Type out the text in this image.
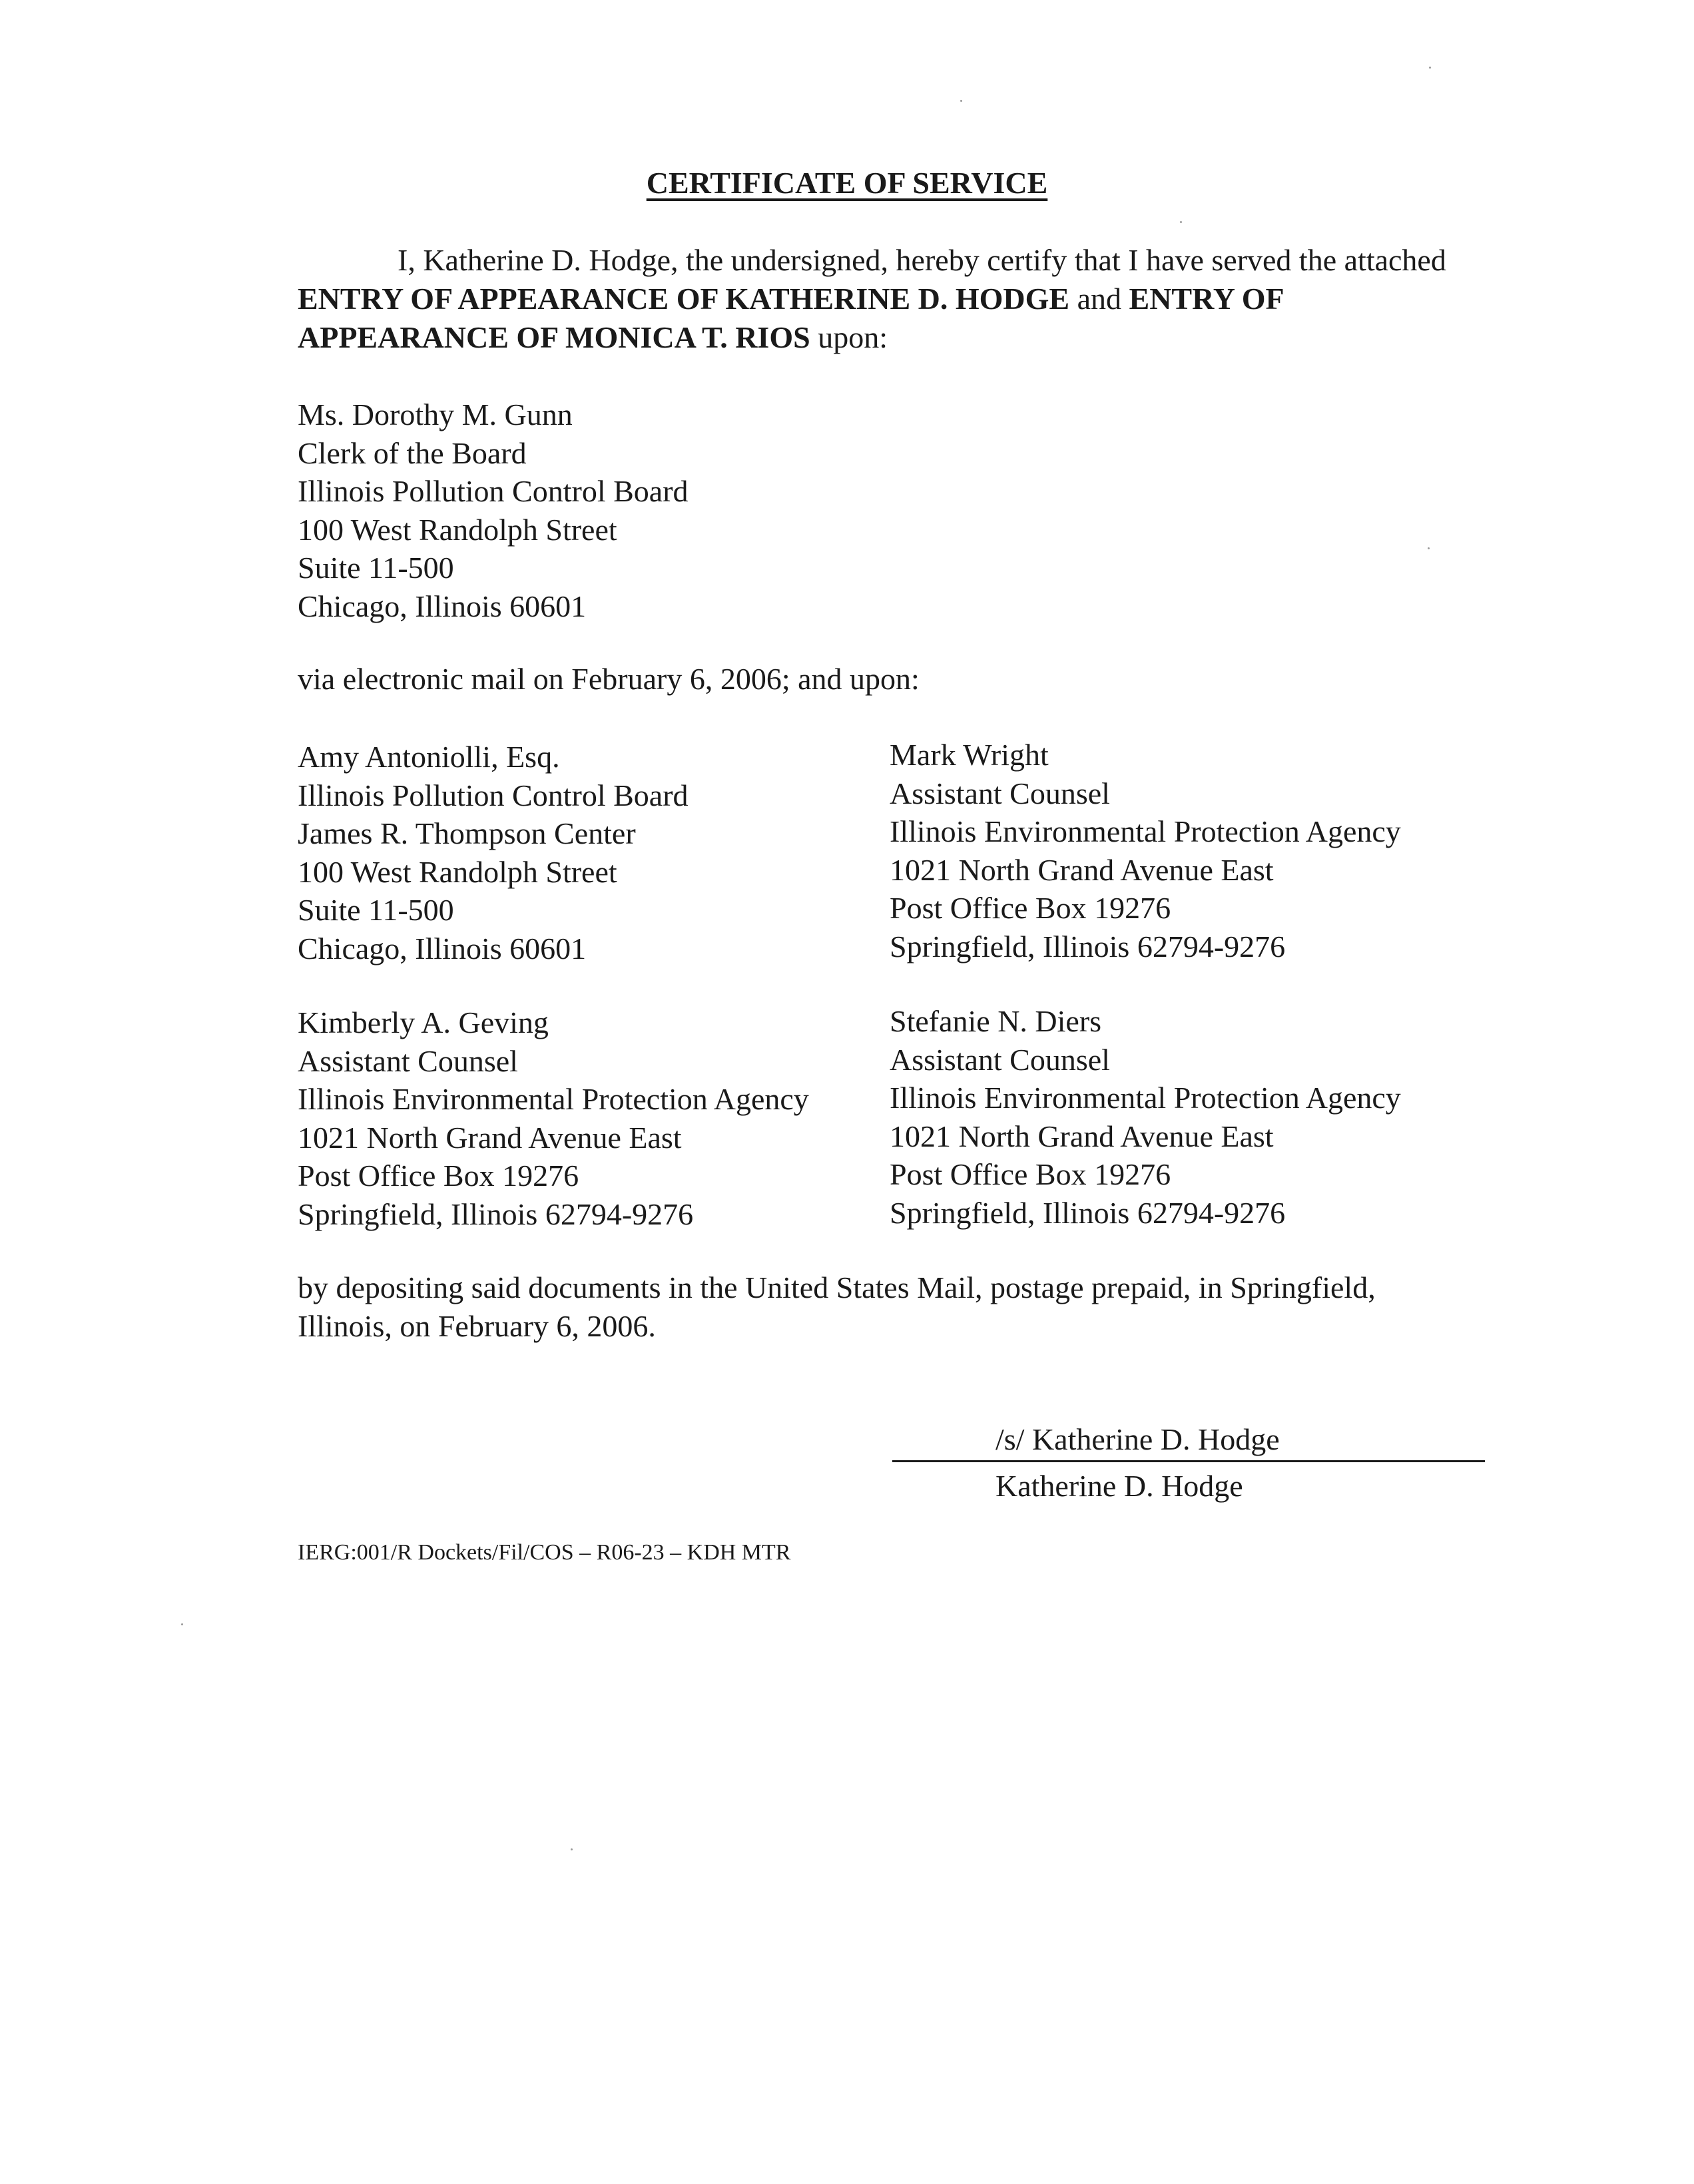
CERTIFICATE OF SERVICE
I, Katherine D. Hodge, the undersigned, hereby certify that I have served the attached ENTRY OF APPEARANCE OF KATHERINE D. HODGE and ENTRY OF APPEARANCE OF MONICA T. RIOS upon:
Ms. Dorothy M. Gunn
Clerk of the Board
Illinois Pollution Control Board
100 West Randolph Street
Suite 11-500
Chicago, Illinois 60601
via electronic mail on February 6, 2006; and upon:
Amy Antoniolli, Esq.
Illinois Pollution Control Board
James R. Thompson Center
100 West Randolph Street
Suite 11-500
Chicago, Illinois 60601
Mark Wright
Assistant Counsel
Illinois Environmental Protection Agency
1021 North Grand Avenue East
Post Office Box 19276
Springfield, Illinois 62794-9276
Kimberly A. Geving
Assistant Counsel
Illinois Environmental Protection Agency
1021 North Grand Avenue East
Post Office Box 19276
Springfield, Illinois 62794-9276
Stefanie N. Diers
Assistant Counsel
Illinois Environmental Protection Agency
1021 North Grand Avenue East
Post Office Box 19276
Springfield, Illinois 62794-9276
by depositing said documents in the United States Mail, postage prepaid, in Springfield, Illinois, on February 6, 2006.
/s/ Katherine D. Hodge
Katherine D. Hodge
IERG:001/R Dockets/Fil/COS – R06-23 – KDH MTR
